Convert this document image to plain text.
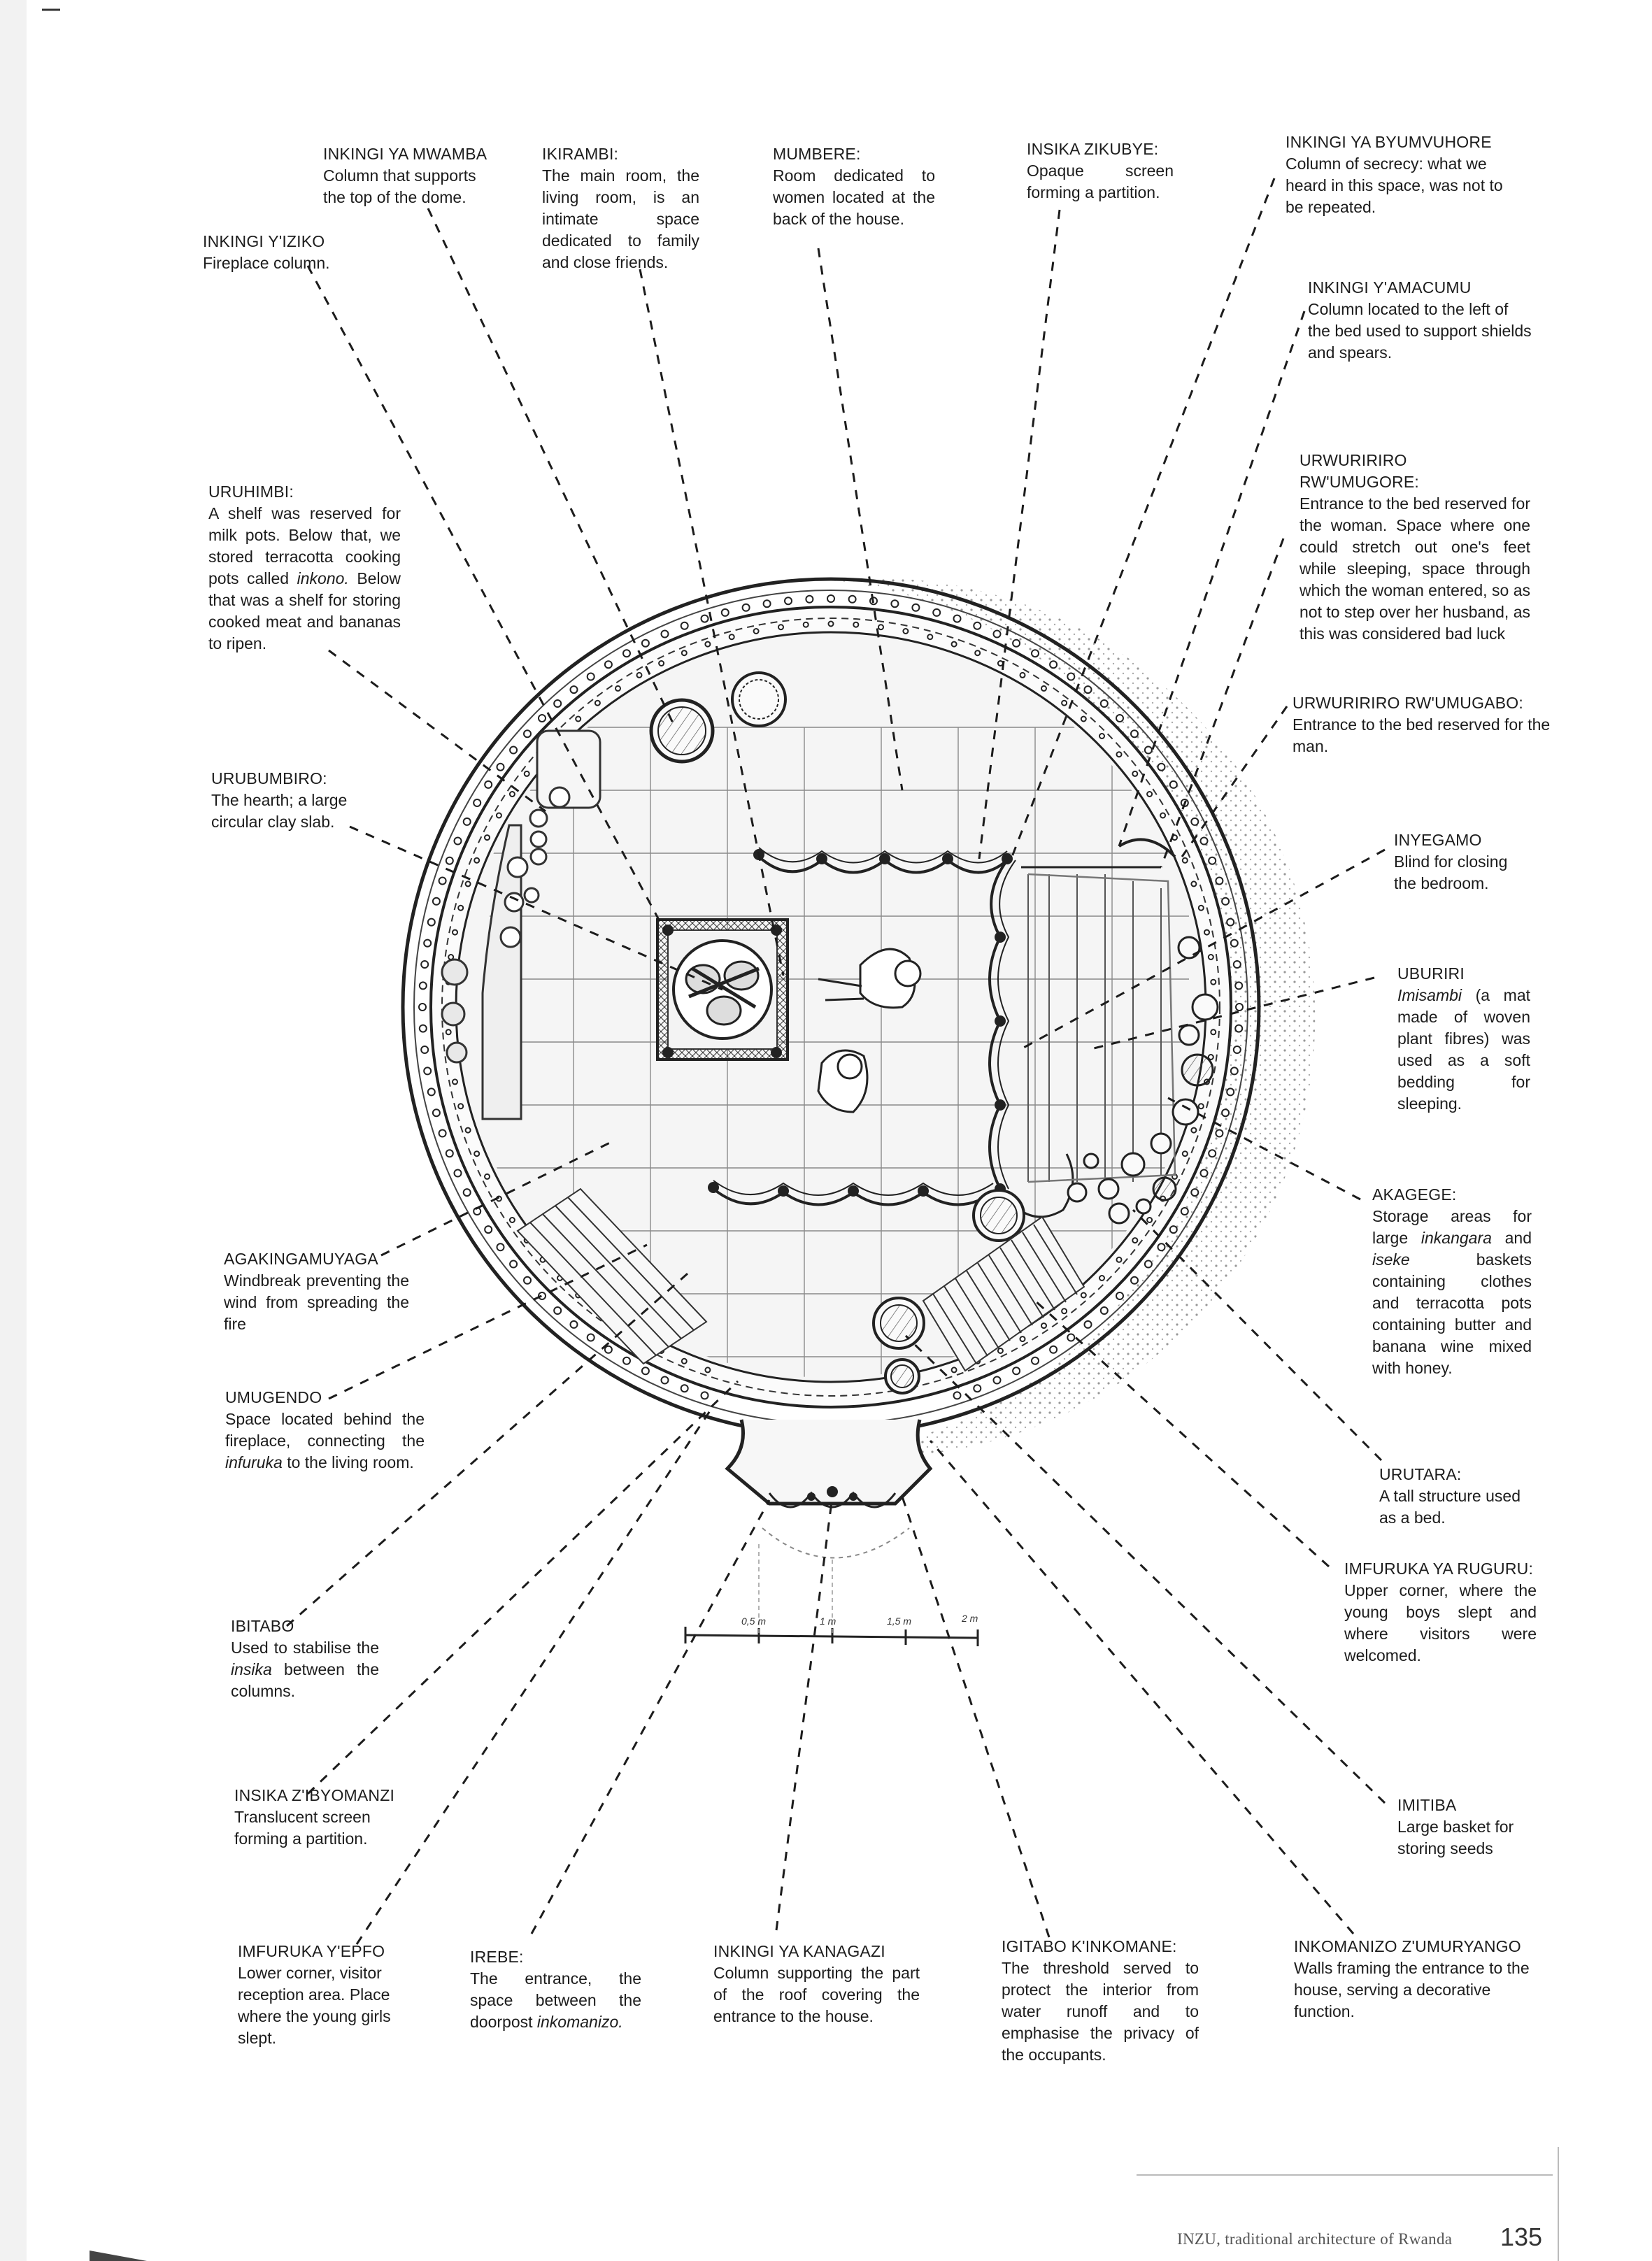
INKINGI YA MWAMBA
Column that supports the top of the dome.
IKIRAMBI:
The main room, the living room, is an intimate space dedicated to family and close friends.
MUMBERE:
Room dedicated to women located at the back of the house.
INSIKA ZIKUBYE:
Opaque screen forming a partition.
INKINGI YA BYUMVUHORE
Column of secrecy: what we heard in this space, was not to be repeated.
INKINGI Y'IZIKO
Fireplace column.
INKINGI Y'AMACUMU
Column located to the left of the bed used to support shields and spears.
URUHIMBI:
A shelf was reserved for milk pots. Below that, we stored terracotta cooking pots called inkono. Below that was a shelf for storing cooked meat and bananas to ripen.
URWURIRIRO RW'UMUGORE:
Entrance to the bed reserved for the woman. Space where one could stretch out one's feet while sleeping, space through which the woman entered, so as not to step over her husband, as this was considered bad luck
URWURIRIRO RW'UMUGABO:
Entrance to the bed reserved for the man.
URUBUMBIRO:
The hearth; a large circular clay slab.
INYEGAMO
Blind for closing the bedroom.
UBURIRI
Imisambi (a mat made of woven plant fibres) was used as a soft bedding for sleeping.
AKAGEGE:
Storage areas for large inkangara and iseke	baskets containing clothes and terracotta pots containing butter and banana wine mixed with honey.
AGAKINGAMUYAGA
Windbreak preventing the wind from spreading the fire
UMUGENDO
Space located behind the fireplace, connecting the infuruka to the living room.
URUTARA:
A tall structure used as a bed.
IMFURUKA YA RUGURU:
Upper corner, where the young boys slept and where visitors were welcomed.
IBITABO
Used to stabilise the insika between the columns.
INSIKA Z'IBYOMANZI
Translucent screen forming a partition.
IMITIBA
Large basket for storing seeds
IMFURUKA Y'EPFO
Lower corner, visitor reception area. Place where the young girls slept.
IREBE:
The entrance, the space between the doorpost inkomanizo.
INKINGI YA KANAGAZI
Column supporting the part of the roof covering the entrance to the house.
IGITABO K'INKOMANE:
The threshold served to protect the interior from water runoff and to emphasise the privacy of the occupants.
INKOMANIZO Z'UMURYANGO
Walls framing the entrance to the house, serving a decorative function.
0,5 m	1 m	1,5 m	2 m
INZU, traditional architecture of Rwanda 135
